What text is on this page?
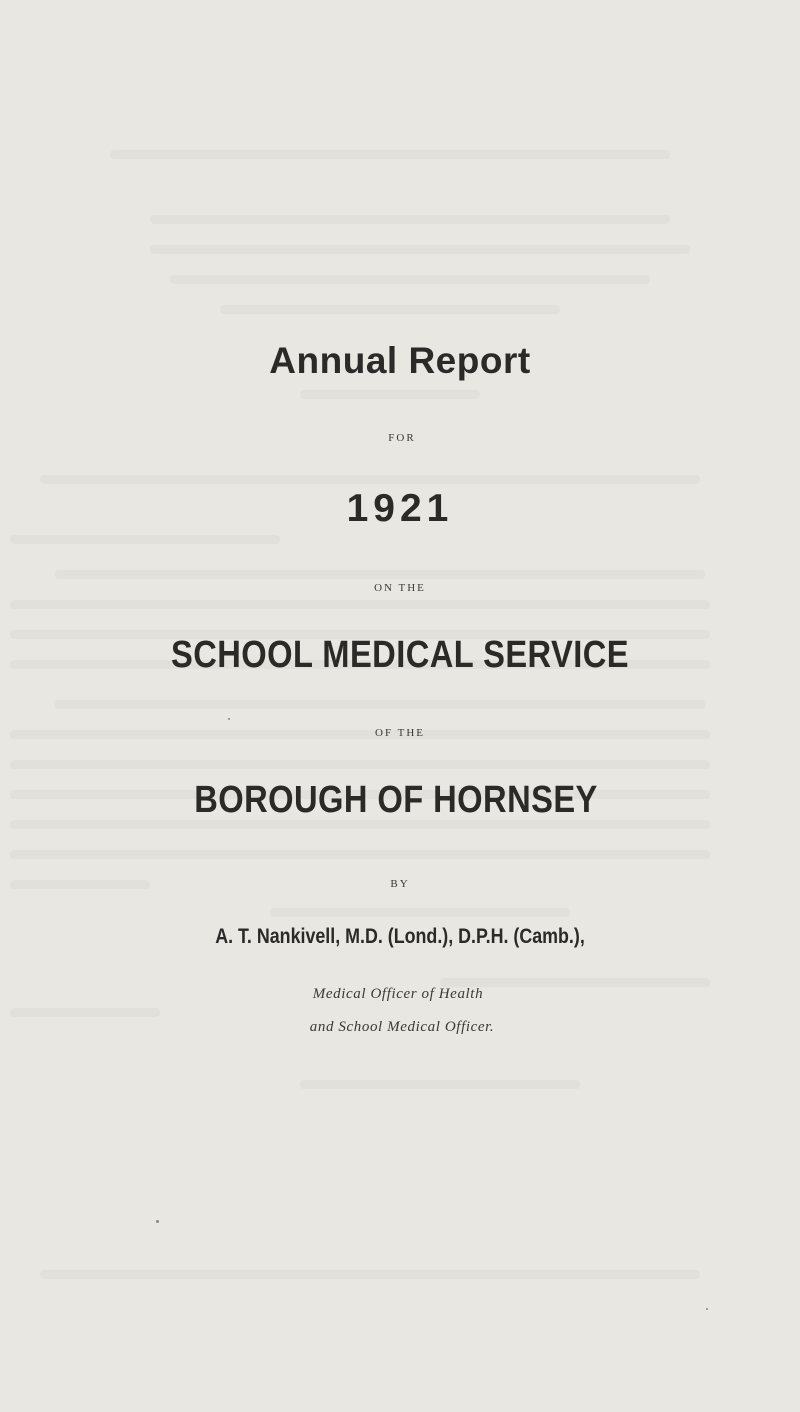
Annual Report
FOR
1921
ON THE
SCHOOL MEDICAL SERVICE
OF THE
BOROUGH OF HORNSEY
BY
A. T. Nankivell, M.D. (Lond.), D.P.H. (Camb.),
Medical Officer of Health
and School Medical Officer.
